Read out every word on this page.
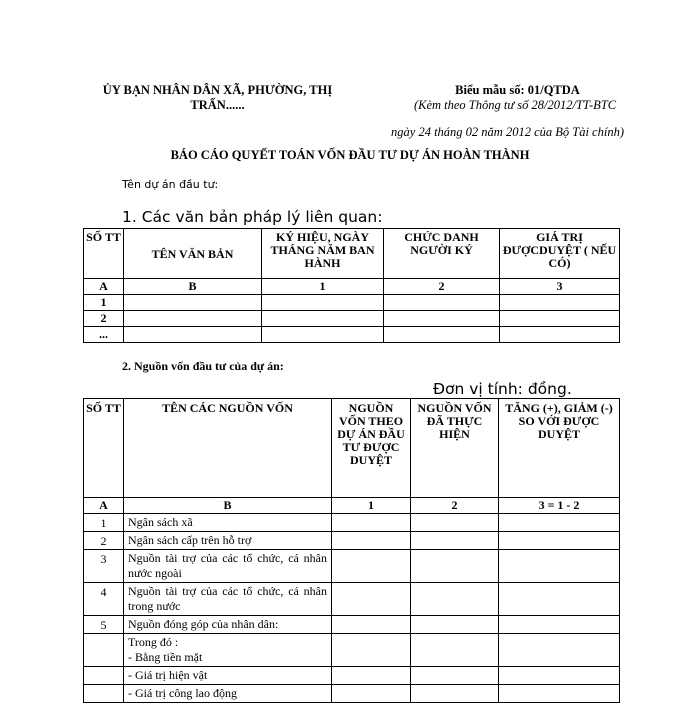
ỦY BẠN NHÂN DÂN XÃ, PHƯỜNG, THỊ TRẤN......
Biểu mẫu số: 01/QTDA
(Kèm theo Thông tư số 28/2012/TT-BTC
ngày 24 tháng 02 năm 2012 của Bộ Tài chính)
BÁO CÁO QUYẾT TOÁN VỐN ĐẦU TƯ DỰ ÁN HOÀN THÀNH
Tên dự án đầu tư:
1. Các văn bản pháp lý liên quan:
SỐ TT	TÊN VĂN BẢN	KÝ HIỆU, NGÀY THÁNG NĂM BAN HÀNH	CHỨC DANH NGƯỜI KÝ	GIÁ TRỊ ĐƯỢCDUYỆT ( NẾU CÓ)
A	B	1	2	3
1				
2				
...				
2. Nguồn vốn đầu tư của dự án:
Đơn vị tính: đồng.
SỐ TT	TÊN CÁC NGUỒN VỐN	NGUỒN VỐN THEO DỰ ÁN ĐẦU TƯ ĐƯỢC DUYỆT	NGUỒN VỐN ĐÃ THỰC HIỆN	TĂNG (+), GIẢM (-) SO VỚI ĐƯỢC DUYỆT
A	B	1	2	3 = 1 - 2
1	Ngân sách xã			
2	Ngân sách cấp trên hỗ trợ			
3	Nguồn tài trợ của các tổ chức, cá nhân nước ngoài			
4	Nguồn tài trợ của các tổ chức, cá nhân trong nước			
5	Nguồn đóng góp của nhân dân:			

	Trong đó :
- Bằng tiền mặt			

	- Giá trị hiện vật			
	- Giá trị công lao động			
